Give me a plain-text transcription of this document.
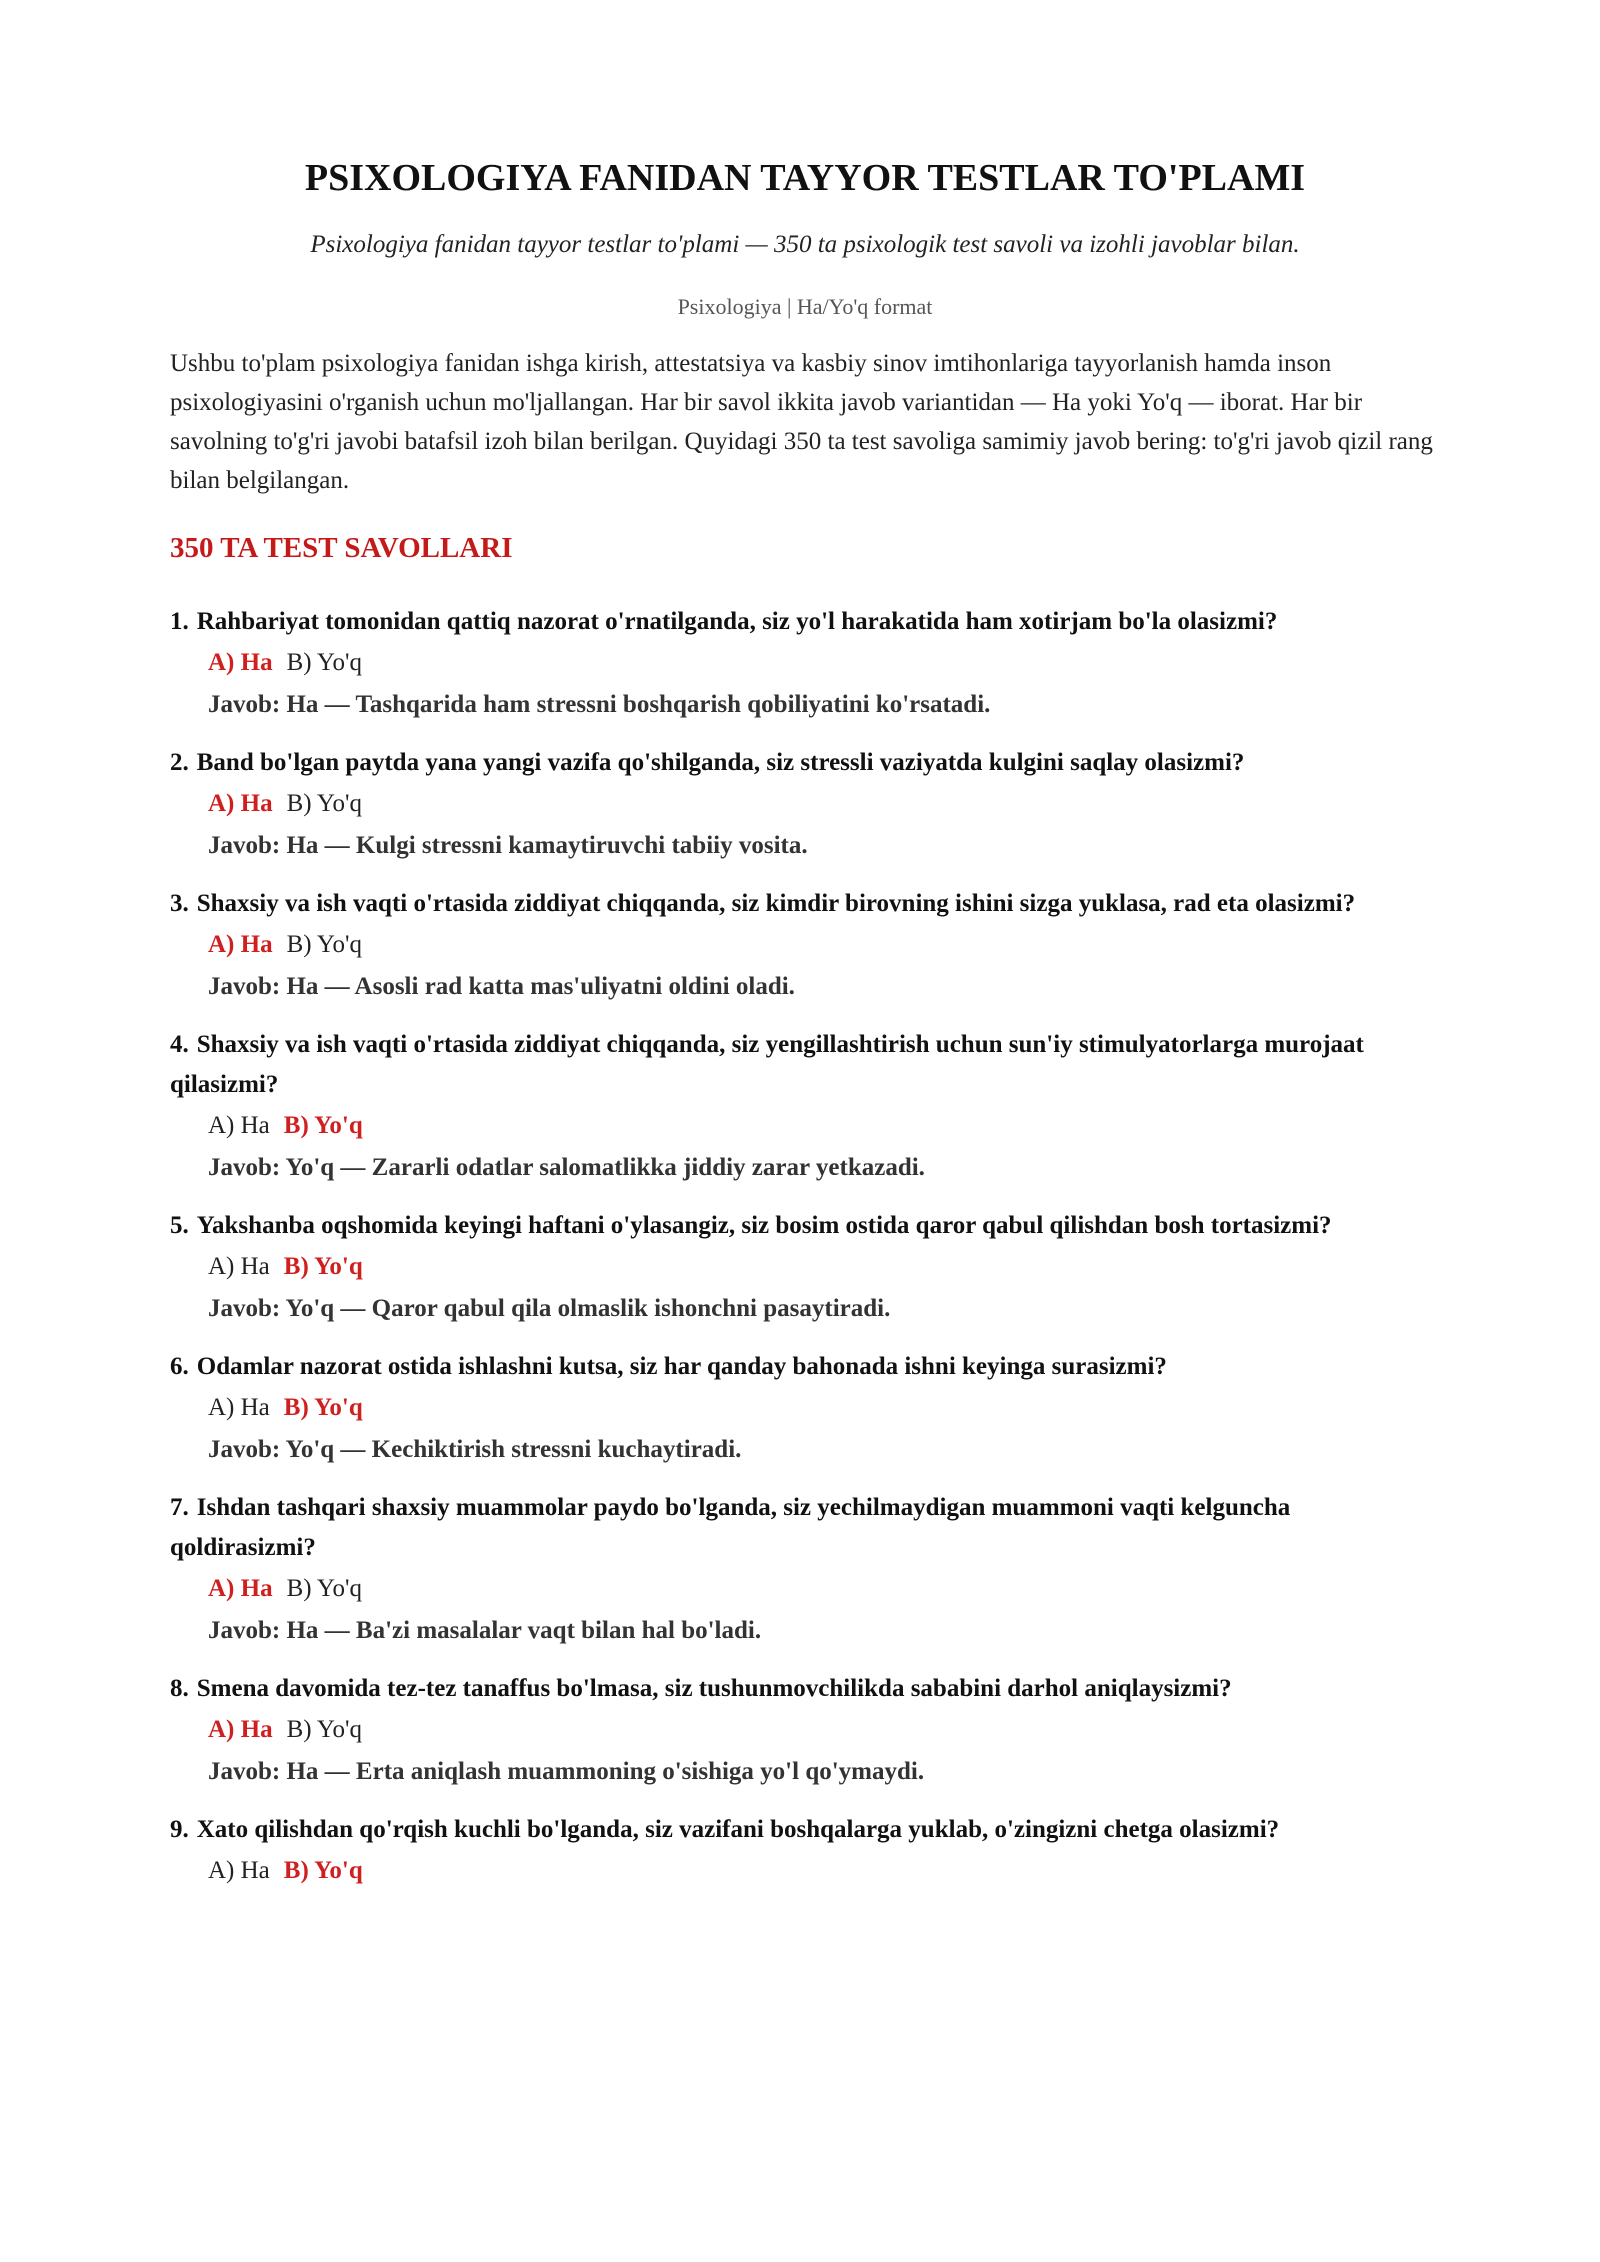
PSIXOLOGIYA FANIDAN TAYYOR TESTLAR TO'PLAMI

Psixologiya fanidan tayyor testlar to'plami — 350 ta psixologik test savoli va izohli javoblar bilan.

Psixologiya | Ha/Yo'q format

Ushbu to'plam psixologiya fanidan ishga kirish, attestatsiya va kasbiy sinov imtihonlariga tayyorlanish hamda inson psixologiyasini o'rganish uchun mo'ljallangan. Har bir savol ikkita javob variantidan — Ha yoki Yo'q — iborat. Har bir savolning to'g'ri javobi batafsil izoh bilan berilgan. Quyidagi 350 ta test savoliga samimiy javob bering: to'g'ri javob qizil rang bilan belgilangan.

350 TA TEST SAVOLLARI
1. Rahbariyat tomonidan qattiq nazorat o'rnatilganda, siz yo'l harakatida ham xotirjam bo'la olasizmi?
A) Ha B) Yo'q
Javob: Ha — Tashqarida ham stressni boshqarish qobiliyatini ko'rsatadi.
2. Band bo'lgan paytda yana yangi vazifa qo'shilganda, siz stressli vaziyatda kulgini saqlay olasizmi?
A) Ha B) Yo'q
Javob: Ha — Kulgi stressni kamaytiruvchi tabiiy vosita.
3. Shaxsiy va ish vaqti o'rtasida ziddiyat chiqqanda, siz kimdir birovning ishini sizga yuklasa, rad eta olasizmi?
A) Ha B) Yo'q
Javob: Ha — Asosli rad katta mas'uliyatni oldini oladi.
4. Shaxsiy va ish vaqti o'rtasida ziddiyat chiqqanda, siz yengillashtirish uchun sun'iy stimulyatorlarga murojaat qilasizmi?
A) Ha B) Yo'q
Javob: Yo'q — Zararli odatlar salomatlikka jiddiy zarar yetkazadi.
5. Yakshanba oqshomida keyingi haftani o'ylasangiz, siz bosim ostida qaror qabul qilishdan bosh tortasizmi?
A) Ha B) Yo'q
Javob: Yo'q — Qaror qabul qila olmaslik ishonchni pasaytiradi.
6. Odamlar nazorat ostida ishlashni kutsa, siz har qanday bahonada ishni keyinga surasizmi?
A) Ha B) Yo'q
Javob: Yo'q — Kechiktirish stressni kuchaytiradi.
7. Ishdan tashqari shaxsiy muammolar paydo bo'lganda, siz yechilmaydigan muammoni vaqti kelguncha qoldirasizmi?
A) Ha B) Yo'q
Javob: Ha — Ba'zi masalalar vaqt bilan hal bo'ladi.
8. Smena davomida tez-tez tanaffus bo'lmasa, siz tushunmovchilikda sababini darhol aniqlaysizmi?
A) Ha B) Yo'q
Javob: Ha — Erta aniqlash muammoning o'sishiga yo'l qo'ymaydi.
9. Xato qilishdan qo'rqish kuchli bo'lganda, siz vazifani boshqalarga yuklab, o'zingizni chetga olasizmi?
A) Ha B) Yo'q
